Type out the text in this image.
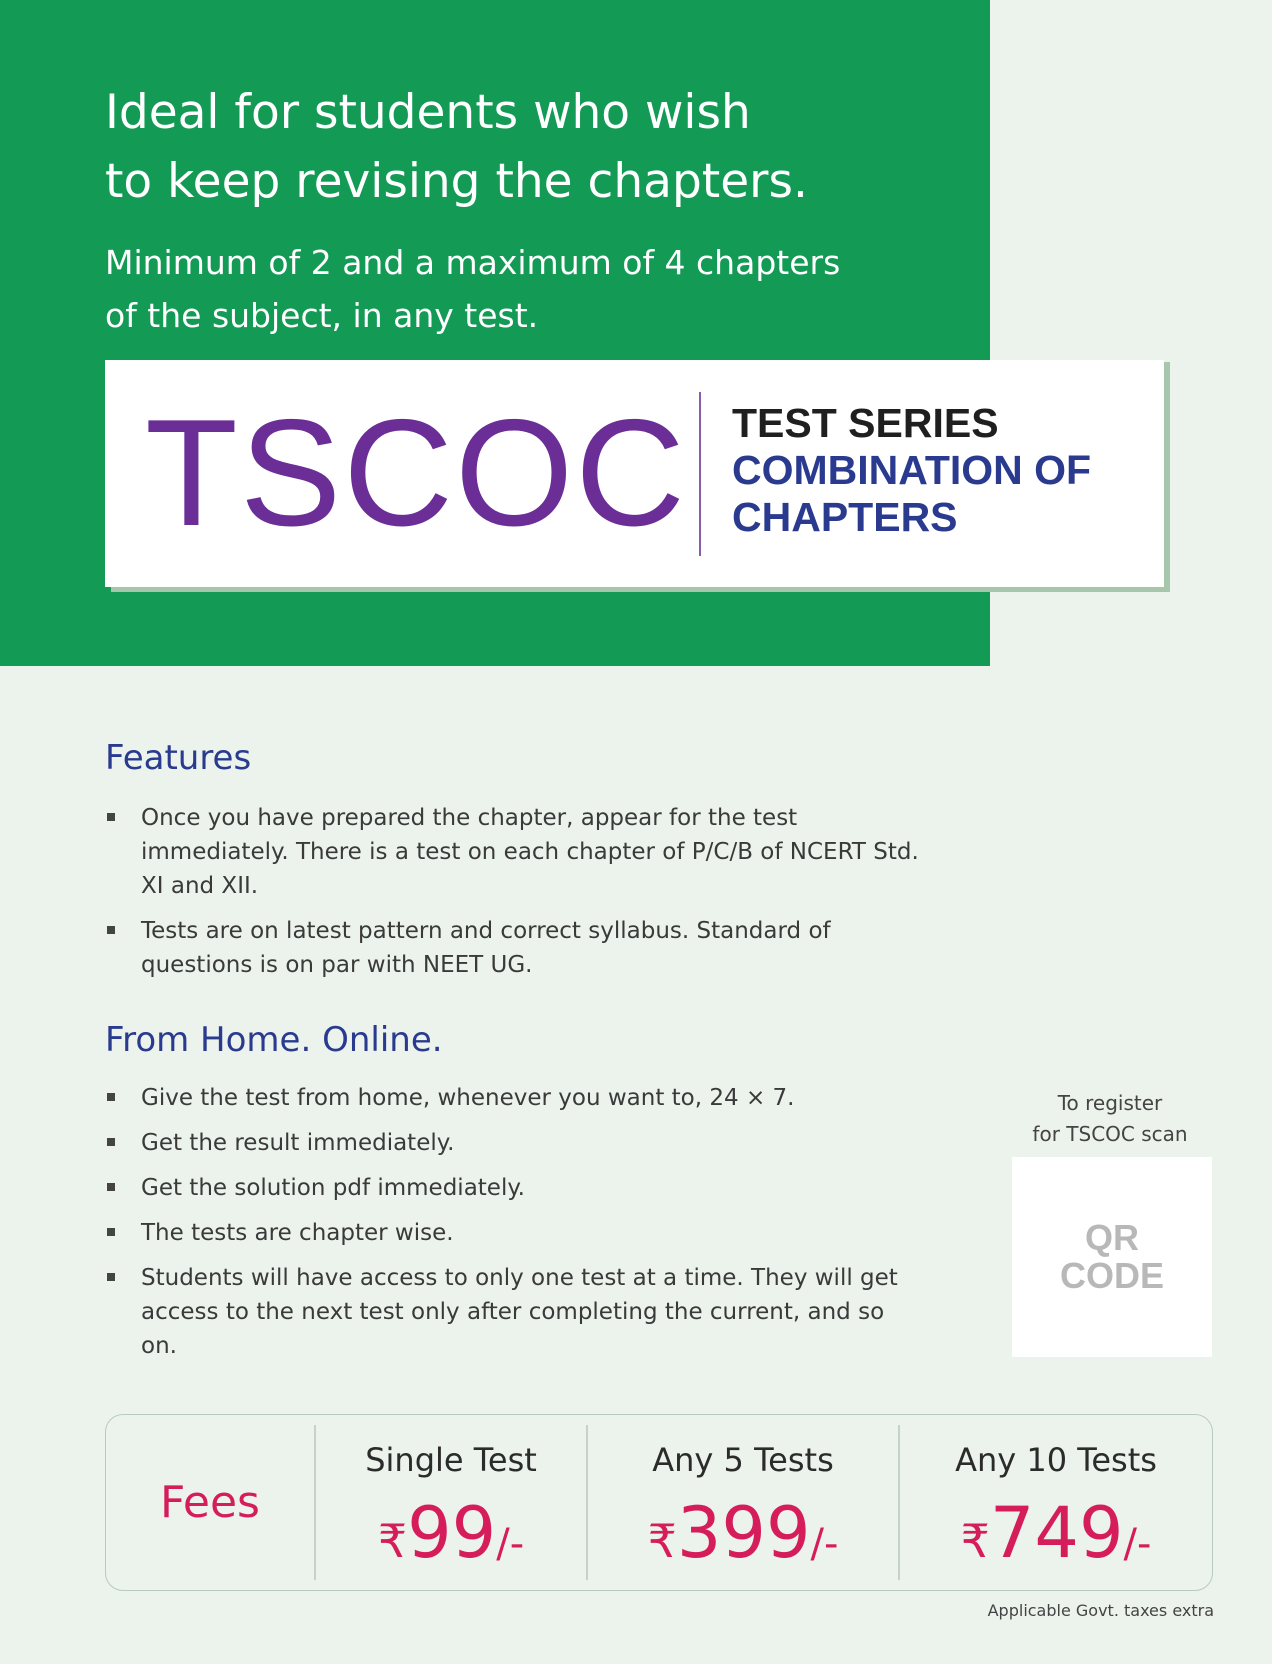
Ideal for students who wish
to keep revising the chapters.

Minimum of 2 and a maximum of 4 chapters
of the subject, in any test.

TSCOC TEST SERIES
COMBINATION OF
CHAPTERS
Features
Once you have prepared the chapter, appear for the test immediately. There is a test on each chapter of P/C/B of NCERT Std. XI and XII.
Tests are on latest pattern and correct syllabus. Standard of questions is on par with NEET UG.
From Home. Online.
Give the test from home, whenever you want to, 24 × 7.
Get the result immediately.
Get the solution pdf immediately.
The tests are chapter wise.
Students will have access to only one test at a time. They will get access to the next test only after completing the current, and so on.
To register
for TSCOC scan
QR
CODE
Fees
Single Test
₹99/-
Any 5 Tests
₹399/-
Any 10 Tests
₹749/-
Applicable Govt. taxes extra
